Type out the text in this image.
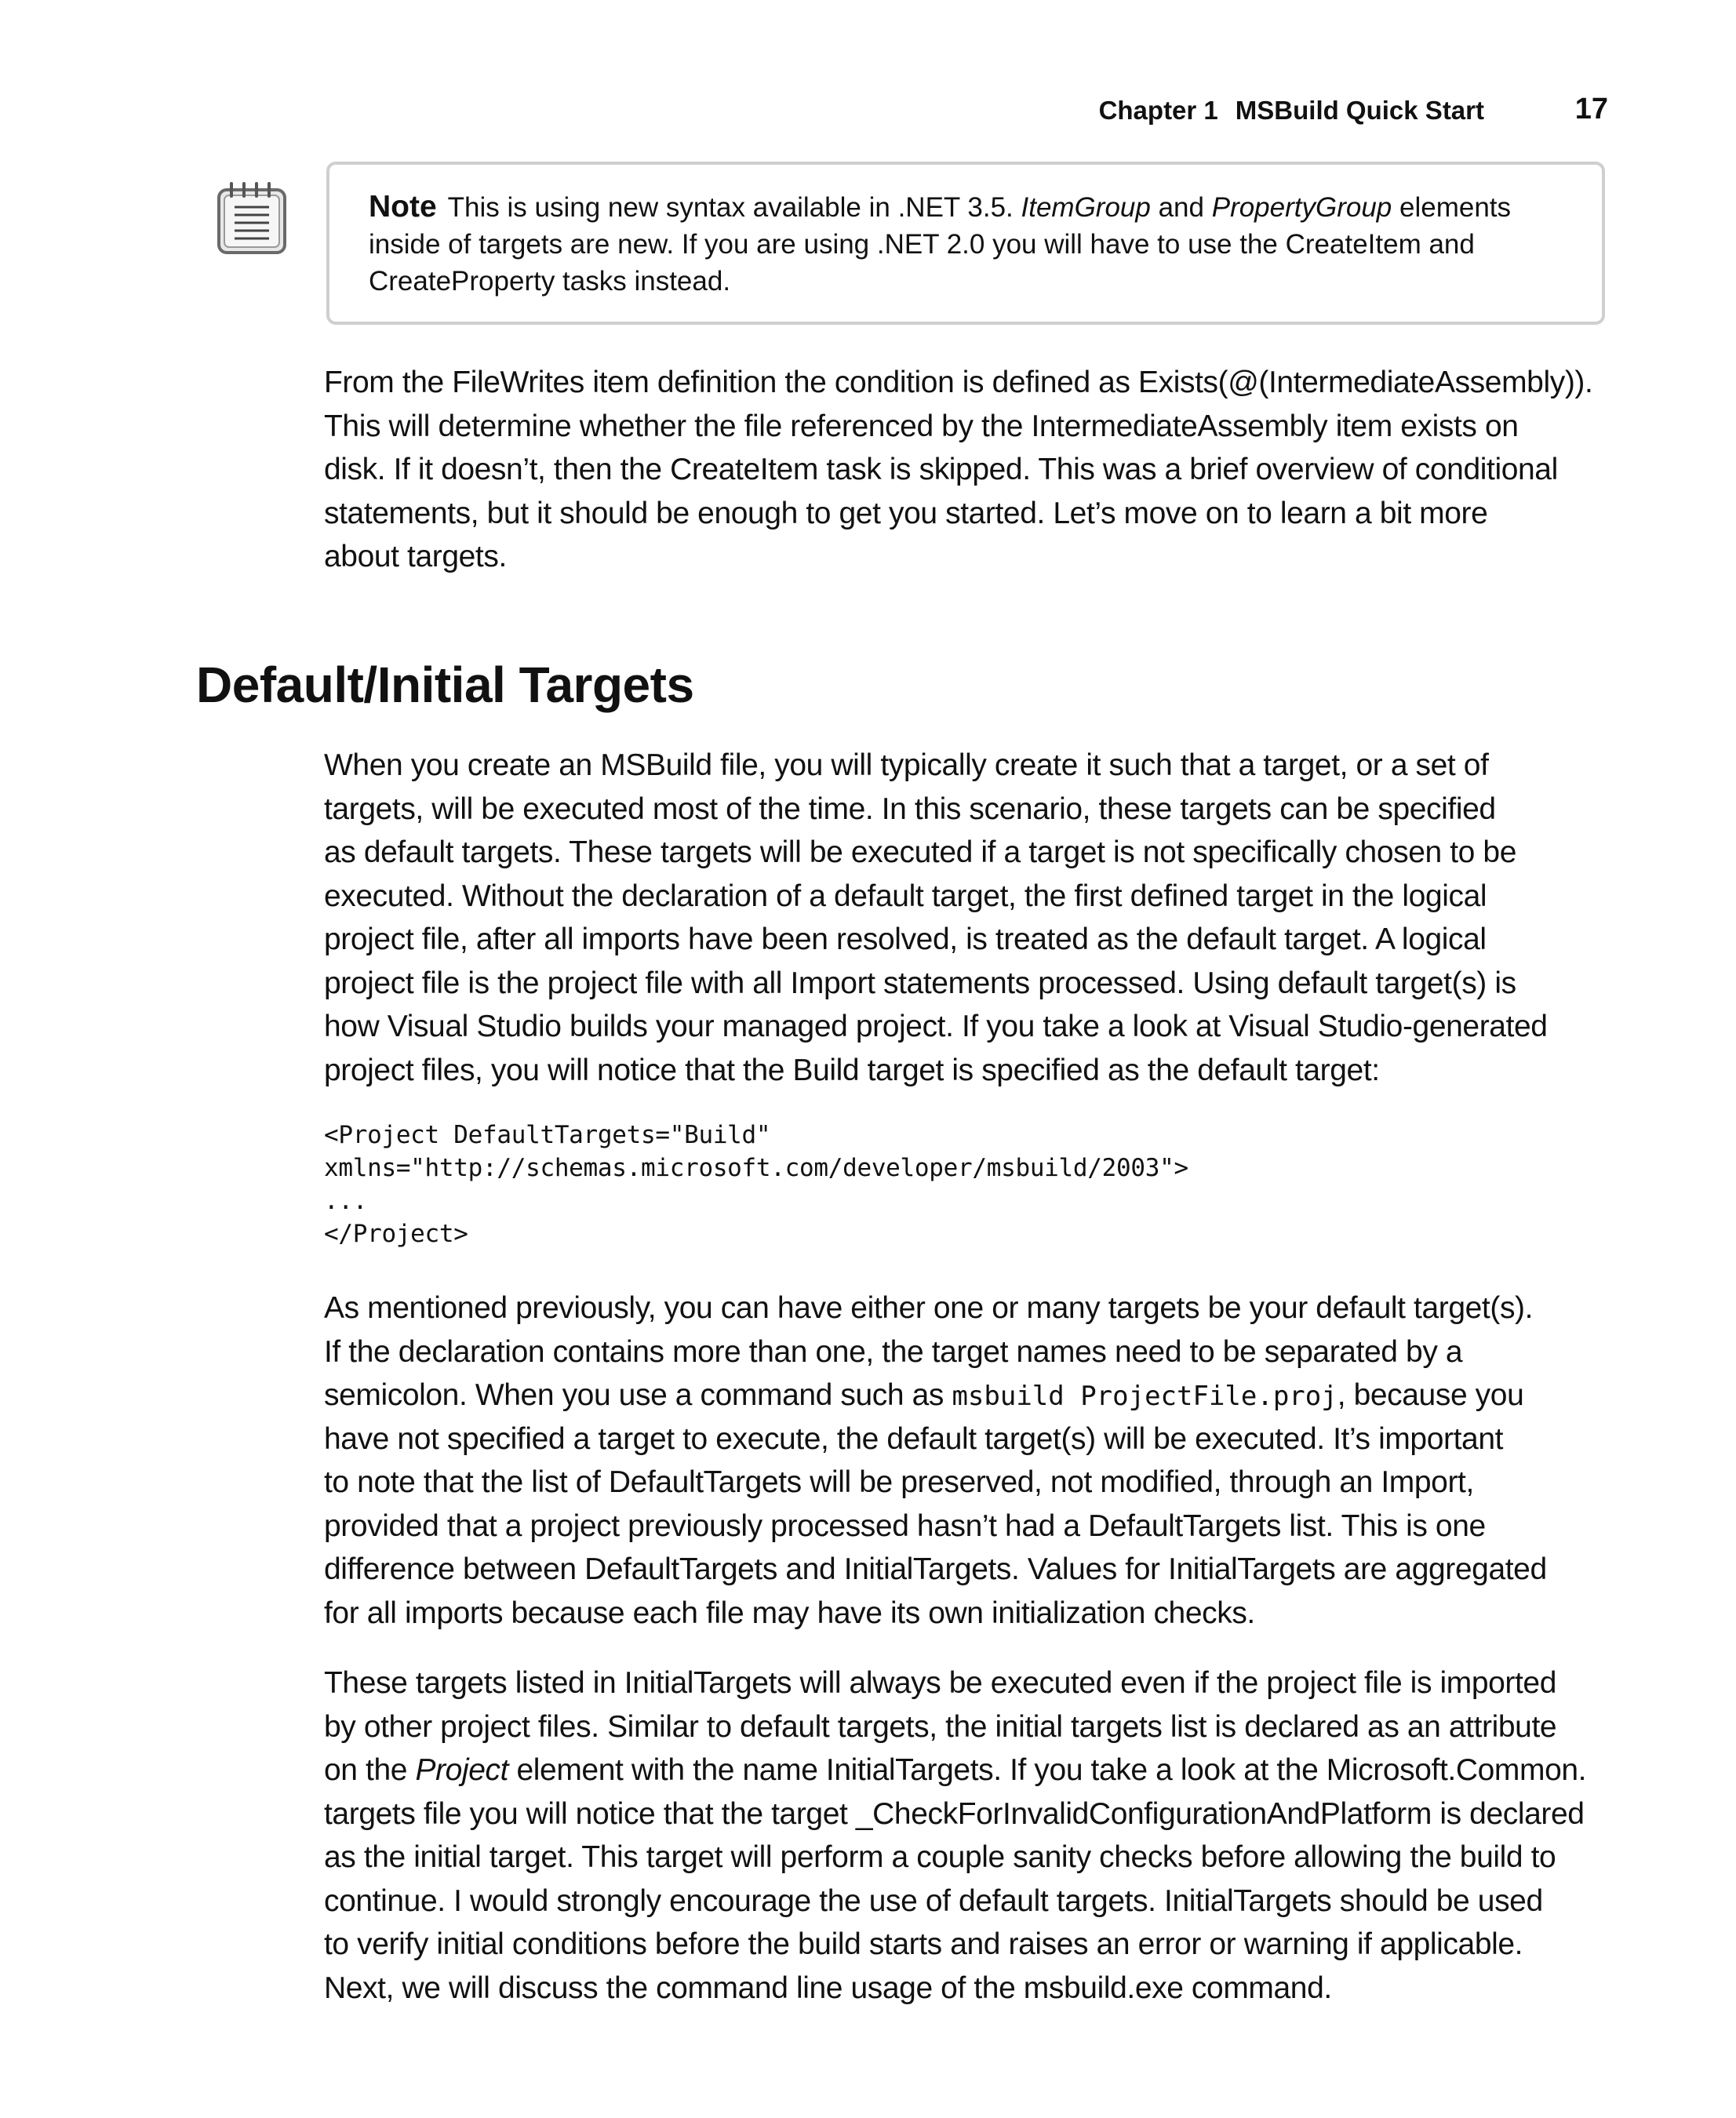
Chapter 1 MSBuild Quick Start	17
Note This is using new syntax available in .NET 3.5. ItemGroup and PropertyGroup elements
inside of targets are new. If you are using .NET 2.0 you will have to use the CreateItem and
CreateProperty tasks instead.
From the FileWrites item definition the condition is defined as Exists(@(IntermediateAssembly)).
This will determine whether the file referenced by the IntermediateAssembly item exists on
disk. If it doesn’t, then the CreateItem task is skipped. This was a brief overview of conditional
statements, but it should be enough to get you started. Let’s move on to learn a bit more
about targets.
Default/Initial Targets
When you create an MSBuild file, you will typically create it such that a target, or a set of
targets, will be executed most of the time. In this scenario, these targets can be specified
as default targets. These targets will be executed if a target is not specifically chosen to be
executed. Without the declaration of a default target, the first defined target in the logical
project file, after all imports have been resolved, is treated as the default target. A logical
project file is the project file with all Import statements processed. Using default target(s) is
how Visual Studio builds your managed project. If you take a look at Visual Studio-generated
project files, you will notice that the Build target is specified as the default target:
<Project DefaultTargets="Build"
xmlns="http://schemas.microsoft.com/developer/msbuild/2003">
...
</Project>
As mentioned previously, you can have either one or many targets be your default target(s).
If the declaration contains more than one, the target names need to be separated by a
semicolon. When you use a command such as msbuild ProjectFile.proj, because you
have not specified a target to execute, the default target(s) will be executed. It’s important
to note that the list of DefaultTargets will be preserved, not modified, through an Import,
provided that a project previously processed hasn’t had a DefaultTargets list. This is one
difference between DefaultTargets and InitialTargets. Values for InitialTargets are aggregated
for all imports because each file may have its own initialization checks.
These targets listed in InitialTargets will always be executed even if the project file is imported
by other project files. Similar to default targets, the initial targets list is declared as an attribute
on the Project element with the name InitialTargets. If you take a look at the Microsoft.Common.
targets file you will notice that the target _CheckForInvalidConfigurationAndPlatform is declared
as the initial target. This target will perform a couple sanity checks before allowing the build to
continue. I would strongly encourage the use of default targets. InitialTargets should be used
to verify initial conditions before the build starts and raises an error or warning if applicable.
Next, we will discuss the command line usage of the msbuild.exe command.
